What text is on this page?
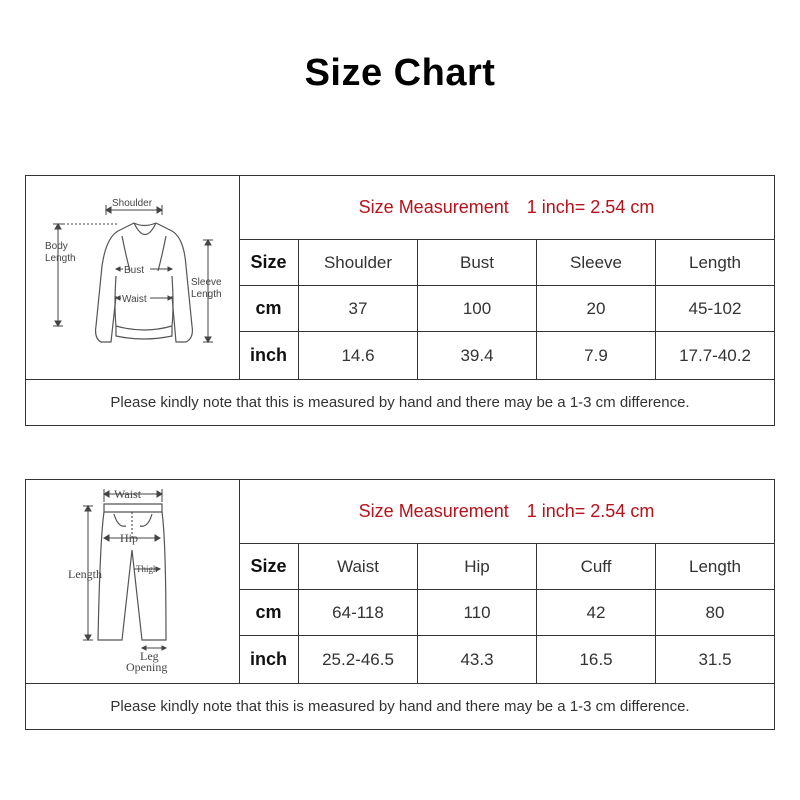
Size Chart
Shoulder
Body Length
Bust
Waist
Sleeve Length
Size Measurement 1 inch= 2.54 cm
Size	Shoulder	Bust	Sleeve	Length
cm	37	100	20	45-102
inch	14.6	39.4	7.9	17.7-40.2
Please kindly note that this is measured by hand and there may be a 1-3 cm difference.
Waist
Hip
Length	Thigh
Leg
Opening
Size Measurement 1 inch= 2.54 cm
Size	Waist	Hip	Cuff	Length
cm	64-118	110	42	80
inch	25.2-46.5	43.3	16.5	31.5
Please kindly note that this is measured by hand and there may be a 1-3 cm difference.
